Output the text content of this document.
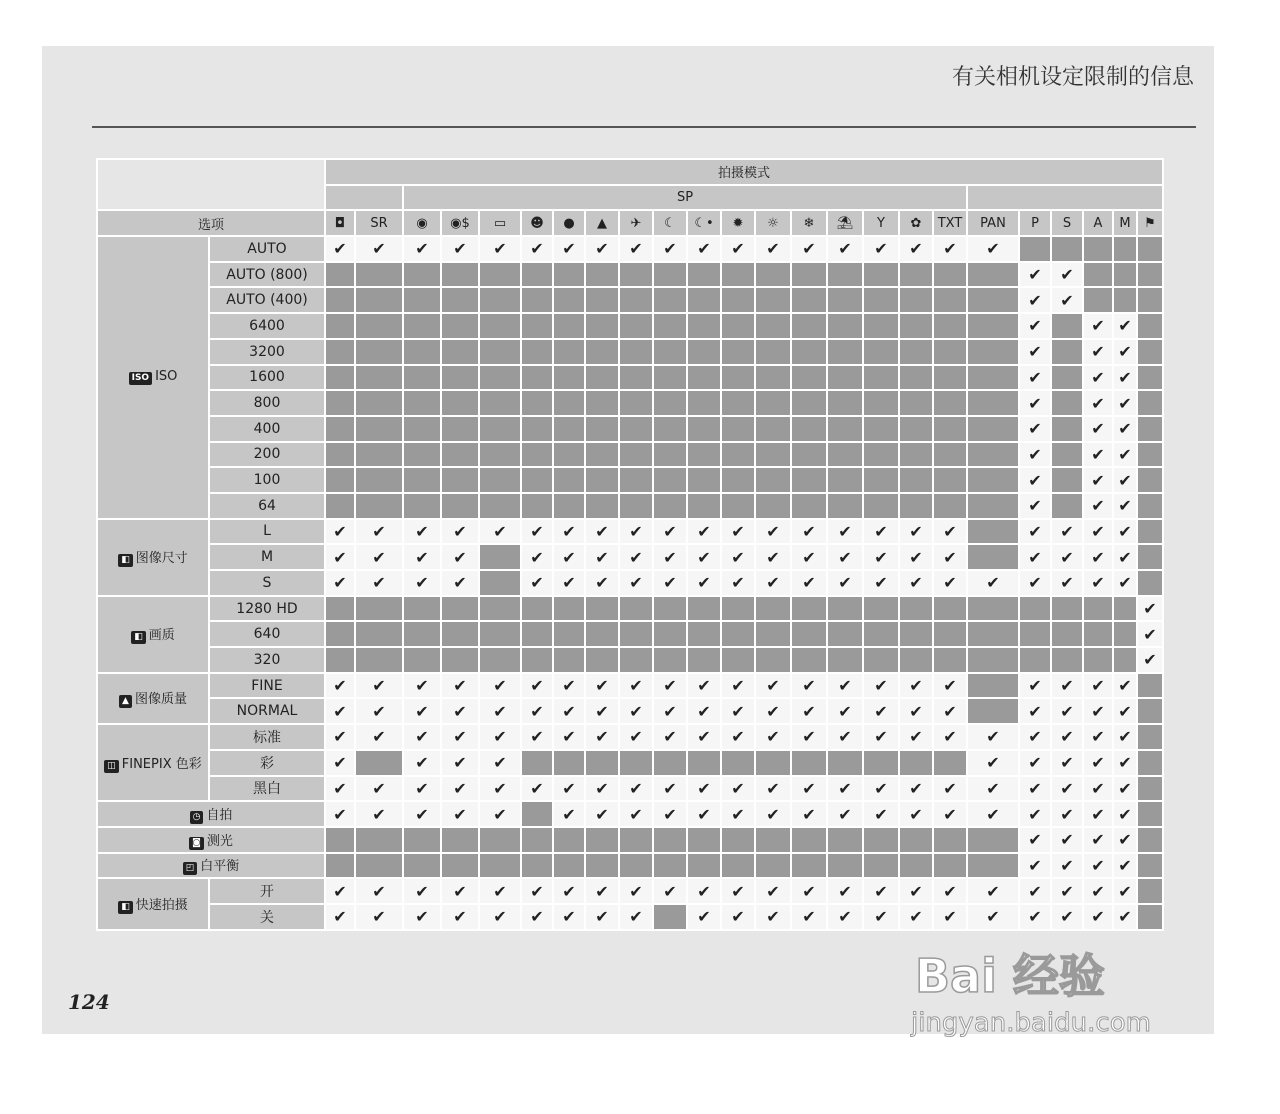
有关相机设定限制的信息
		拍摄模式																							
				SP																					
选项		◘	SR	◉	◉$	▭	☻	●	▲	✈	☾	☾•	✹	☼	❄	⛱	Y	✿	TXT	PAN	P	S	A	M	⚑
ISO ISO	AUTO	✔	✔	✔	✔	✔	✔	✔	✔	✔	✔	✔	✔	✔	✔	✔	✔	✔	✔	✔					
	AUTO (800)																				✔	✔			
	AUTO (400)																				✔	✔			
	6400																				✔		✔	✔	
	3200																				✔		✔	✔	
	1600																				✔		✔	✔	
	800																				✔		✔	✔	
	400																				✔		✔	✔	
	200																				✔		✔	✔	
	100																				✔		✔	✔	
	64																				✔		✔	✔	
◧ 图像尺寸	L	✔	✔	✔	✔	✔	✔	✔	✔	✔	✔	✔	✔	✔	✔	✔	✔	✔	✔		✔	✔	✔	✔	
	M	✔	✔	✔	✔		✔	✔	✔	✔	✔	✔	✔	✔	✔	✔	✔	✔	✔		✔	✔	✔	✔	
	S	✔	✔	✔	✔		✔	✔	✔	✔	✔	✔	✔	✔	✔	✔	✔	✔	✔	✔	✔	✔	✔	✔	
◧ 画质	1280 HD																								✔
	640																								✔
	320																								✔
▲ 图像质量	FINE	✔	✔	✔	✔	✔	✔	✔	✔	✔	✔	✔	✔	✔	✔	✔	✔	✔	✔		✔	✔	✔	✔	
	NORMAL	✔	✔	✔	✔	✔	✔	✔	✔	✔	✔	✔	✔	✔	✔	✔	✔	✔	✔		✔	✔	✔	✔	
◫ FINEPIX 色彩	标准	✔	✔	✔	✔	✔	✔	✔	✔	✔	✔	✔	✔	✔	✔	✔	✔	✔	✔	✔	✔	✔	✔	✔	
	彩	✔		✔	✔	✔														✔	✔	✔	✔	✔	
	黑白	✔	✔	✔	✔	✔	✔	✔	✔	✔	✔	✔	✔	✔	✔	✔	✔	✔	✔	✔	✔	✔	✔	✔	
◷ 自拍		✔	✔	✔	✔	✔		✔	✔	✔	✔	✔	✔	✔	✔	✔	✔	✔	✔	✔	✔	✔	✔	✔	
◙ 测光																					✔	✔	✔	✔	
◰ 白平衡																					✔	✔	✔	✔	
◧ 快速拍摄	开	✔	✔	✔	✔	✔	✔	✔	✔	✔	✔	✔	✔	✔	✔	✔	✔	✔	✔	✔	✔	✔	✔	✔	
	关	✔	✔	✔	✔	✔	✔	✔	✔	✔		✔	✔	✔	✔	✔	✔	✔	✔	✔	✔	✔	✔	✔	
124	Bai 经验
jingyan.baidu.com
